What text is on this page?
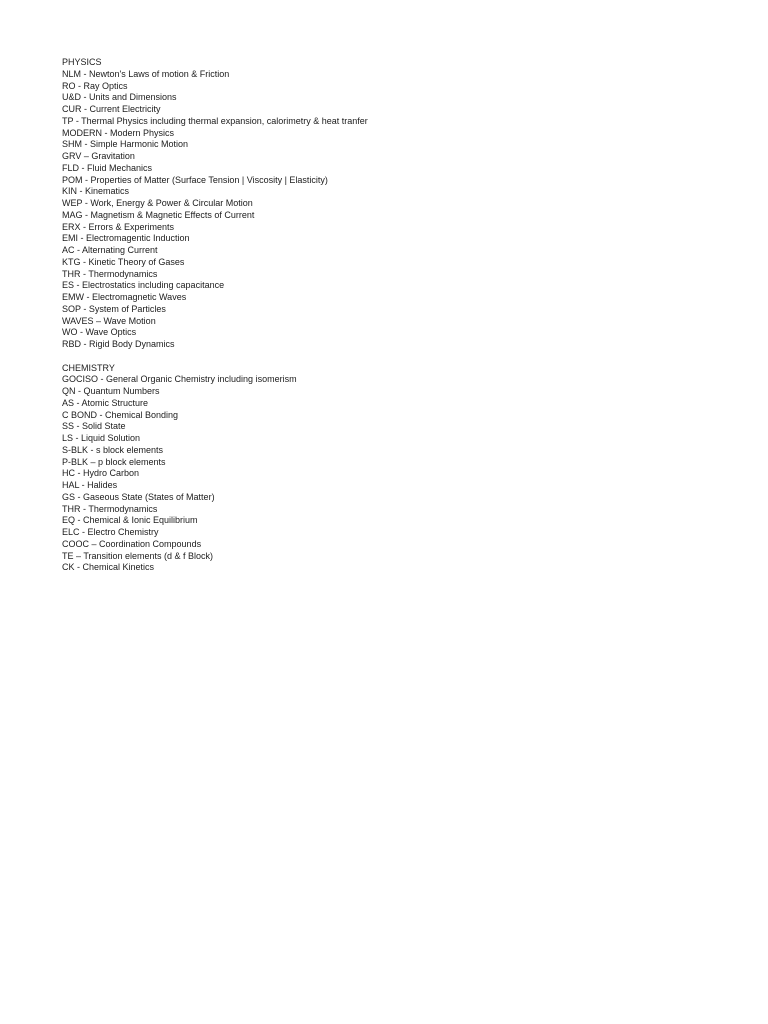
PHYSICS
NLM - Newton's Laws of motion & Friction
RO - Ray Optics
U&D - Units and Dimensions
CUR - Current Electricity
TP - Thermal Physics including thermal expansion, calorimetry & heat tranfer
MODERN - Modern Physics
SHM - Simple Harmonic Motion
GRV – Gravitation
FLD - Fluid Mechanics
POM - Properties of Matter (Surface Tension | Viscosity | Elasticity)
KIN - Kinematics
WEP - Work, Energy & Power & Circular Motion
MAG - Magnetism & Magnetic Effects of Current
ERX - Errors & Experiments
EMI - Electromagentic Induction
AC - Alternating Current
KTG - Kinetic Theory of Gases
THR - Thermodynamics
ES - Electrostatics including capacitance
EMW - Electromagnetic Waves
SOP - System of Particles
WAVES – Wave Motion
WO - Wave Optics
RBD - Rigid Body Dynamics
CHEMISTRY
GOCISO - General Organic Chemistry including isomerism
QN - Quantum Numbers
AS - Atomic Structure
C BOND - Chemical Bonding
SS - Solid State
LS - Liquid Solution
S-BLK - s block elements
P-BLK – p block elements
HC - Hydro Carbon
HAL - Halides
GS - Gaseous State (States of Matter)
THR - Thermodynamics
EQ - Chemical & Ionic Equilibrium
ELC - Electro Chemistry
COOC – Coordination Compounds
TE – Transition elements (d & f Block)
CK - Chemical Kinetics
